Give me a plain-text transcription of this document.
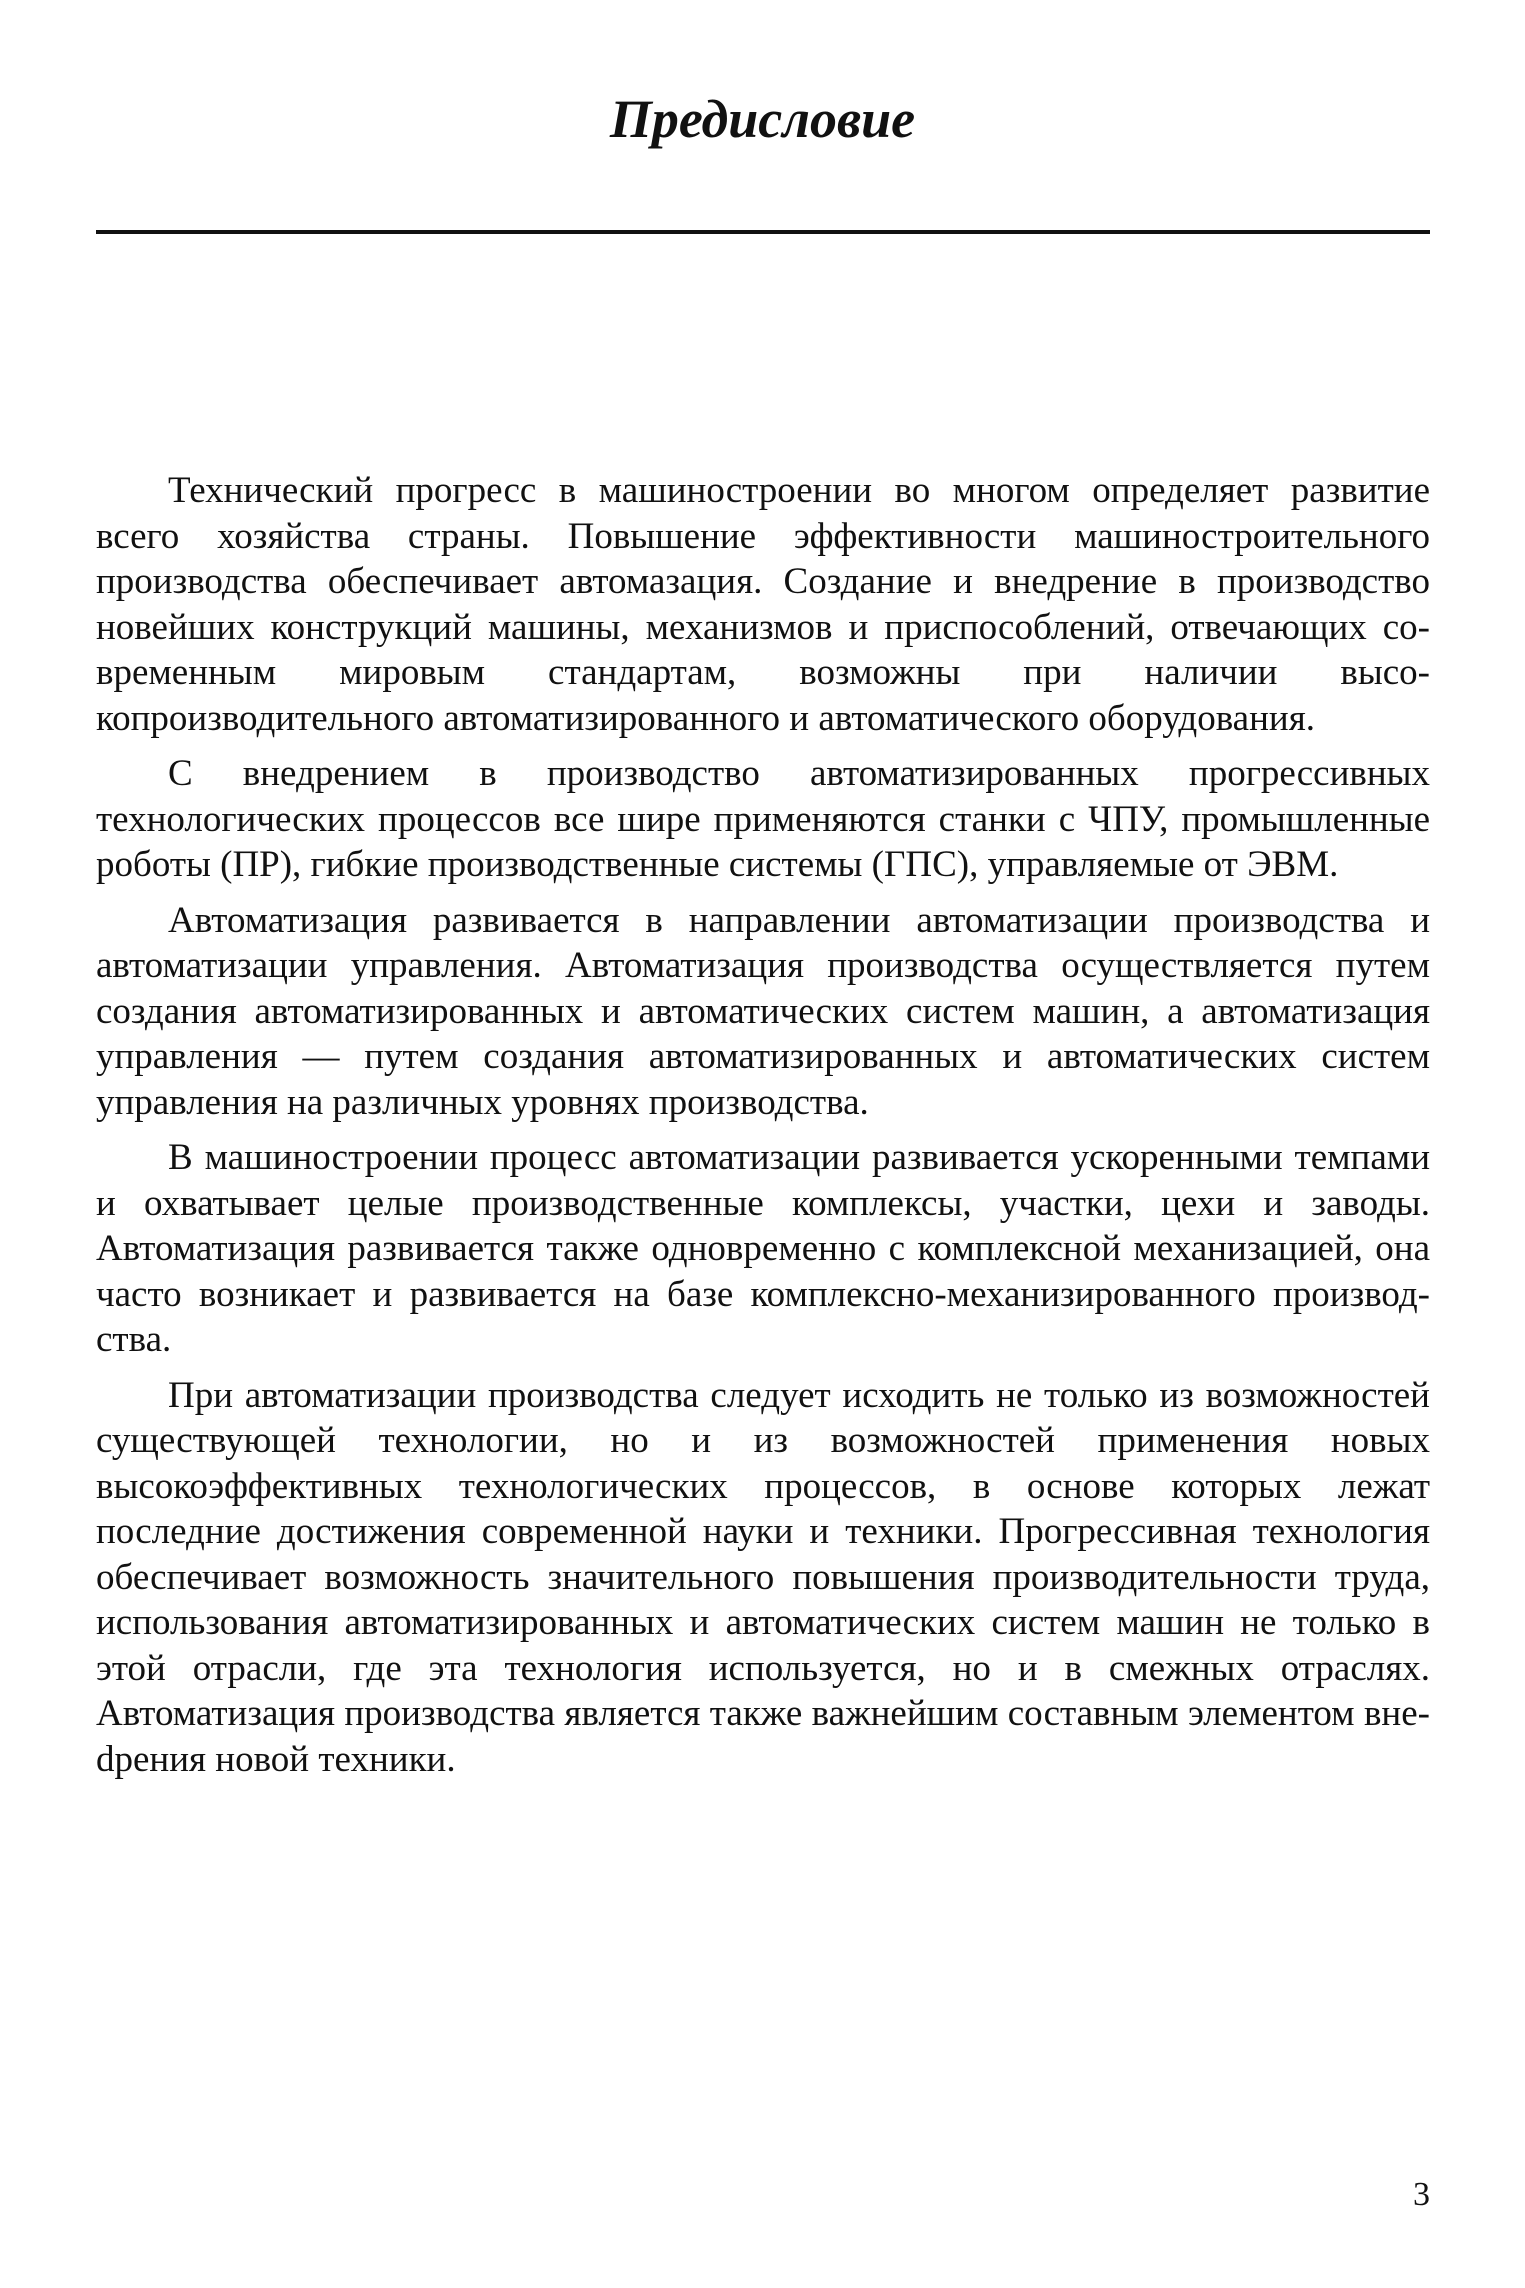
Предисловие

Технический прогресс в машиностроении во многом определяет развитие всего хозяйства страны. Повышение эффективности машиностроительного производства обеспечивает автомазация. Создание и внедрение в производство новейших конструкций машины, механизмов и приспособлений, отвечающих современным мировым стандартам, возможны при наличии высокопроизводительного автоматизированного и автоматического оборудования.

С внедрением в производство автоматизированных прогрессивных технологических процессов все шире применяются станки с ЧПУ, промышленные роботы (ПР), гибкие производственные системы (ГПС), управляемые от ЭВМ.

Автоматизация развивается в направлении автоматизации производства и автоматизации управления. Автоматизация производства осуществляется путем создания автоматизированных и автоматических систем машин, а автоматизация управления — путем создания автоматизированных и автоматических систем управления на различных уровнях производства.

В машиностроении процесс автоматизации развивается ускоренными темпами и охватывает целые производственные комплексы, участки, цехи и заводы. Автоматизация развивается также одновременно с комплексной механизацией, она часто возникает и развивается на базе комплексно-механизированного производства.

При автоматизации производства следует исходить не только из возможностей существующей технологии, но и из возможностей применения новых высокоэффективных технологических процессов, в основе которых лежат последние достижения современной науки и техники. Прогрессивная технология обеспечивает возможность значительного повышения производительности труда, использования автоматизированных и автоматических систем машин не только в этой отрасли, где эта технология используется, но и в смежных отраслях. Автоматизация производства является также важнейшим составным элементом внеdрения новой техники.

3
